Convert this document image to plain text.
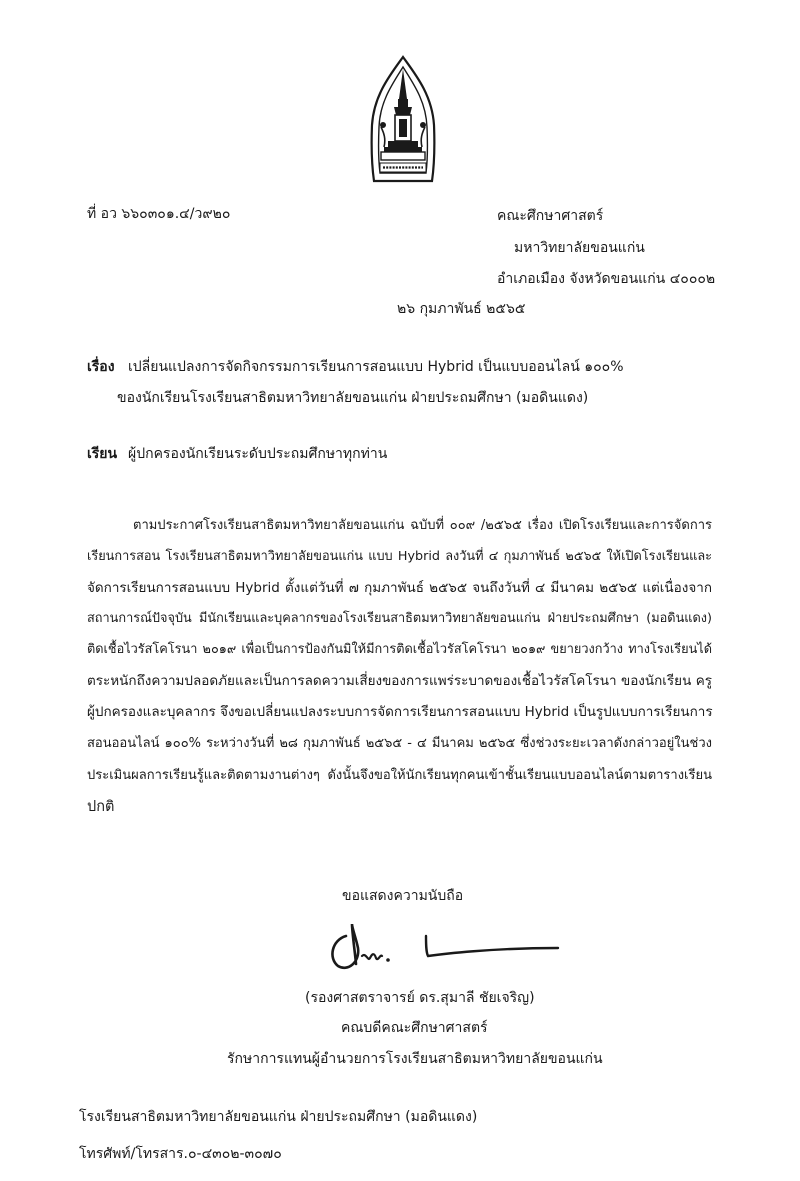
ที่ อว ๖๖๐๓๐๑.๔/ว๙๒๐	คณะศึกษาศาสตร์
มหาวิทยาลัยขอนแก่น
อำเภอเมือง จังหวัดขอนแก่น ๔๐๐๐๒
๒๖ กุมภาพันธ์ ๒๕๖๕
เรื่อง เปลี่ยนแปลงการจัดกิจกรรมการเรียนการสอนแบบ Hybrid เป็นแบบออนไลน์ ๑๐๐%
ของนักเรียนโรงเรียนสาธิตมหาวิทยาลัยขอนแก่น ฝ่ายประถมศึกษา (มอดินแดง)
เรียน ผู้ปกครองนักเรียนระดับประถมศึกษาทุกท่าน
ตามประกาศโรงเรียนสาธิตมหาวิทยาลัยขอนแก่น ฉบับที่ ๐๐๙ /๒๕๖๕ เรื่อง เปิดโรงเรียนและการจัดการ
เรียนการสอน โรงเรียนสาธิตมหาวิทยาลัยขอนแก่น แบบ Hybrid ลงวันที่ ๔ กุมภาพันธ์ ๒๕๖๕ ให้เปิดโรงเรียนและ
จัดการเรียนการสอนแบบ Hybrid ตั้งแต่วันที่ ๗ กุมภาพันธ์ ๒๕๖๕ จนถึงวันที่ ๔ มีนาคม ๒๕๖๕ แต่เนื่องจาก
สถานการณ์ปัจจุบัน มีนักเรียนและบุคลากรของโรงเรียนสาธิตมหาวิทยาลัยขอนแก่น ฝ่ายประถมศึกษา (มอดินแดง)
ติดเชื้อไวรัสโคโรนา ๒๐๑๙ เพื่อเป็นการป้องกันมิให้มีการติดเชื้อไวรัสโคโรนา ๒๐๑๙ ขยายวงกว้าง ทางโรงเรียนได้
ตระหนักถึงความปลอดภัยและเป็นการลดความเสี่ยงของการแพร่ระบาดของเชื้อไวรัสโคโรนา ของนักเรียน ครู
ผู้ปกครองและบุคลากร จึงขอเปลี่ยนแปลงระบบการจัดการเรียนการสอนแบบ Hybrid เป็นรูปแบบการเรียนการ
สอนออนไลน์ ๑๐๐% ระหว่างวันที่ ๒๘ กุมภาพันธ์ ๒๕๖๕ - ๔ มีนาคม ๒๕๖๕ ซึ่งช่วงระยะเวลาดังกล่าวอยู่ในช่วง
ประเมินผลการเรียนรู้และติดตามงานต่างๆ ดังนั้นจึงขอให้นักเรียนทุกคนเข้าชั้นเรียนแบบออนไลน์ตามตารางเรียน
ปกติ
ขอแสดงความนับถือ
(รองศาสตราจารย์ ดร.สุมาลี ชัยเจริญ)
คณบดีคณะศึกษาศาสตร์
รักษาการแทนผู้อำนวยการโรงเรียนสาธิตมหาวิทยาลัยขอนแก่น
โรงเรียนสาธิตมหาวิทยาลัยขอนแก่น ฝ่ายประถมศึกษา (มอดินแดง)
โทรศัพท์/โทรสาร.๐-๔๓๐๒-๓๐๗๐
